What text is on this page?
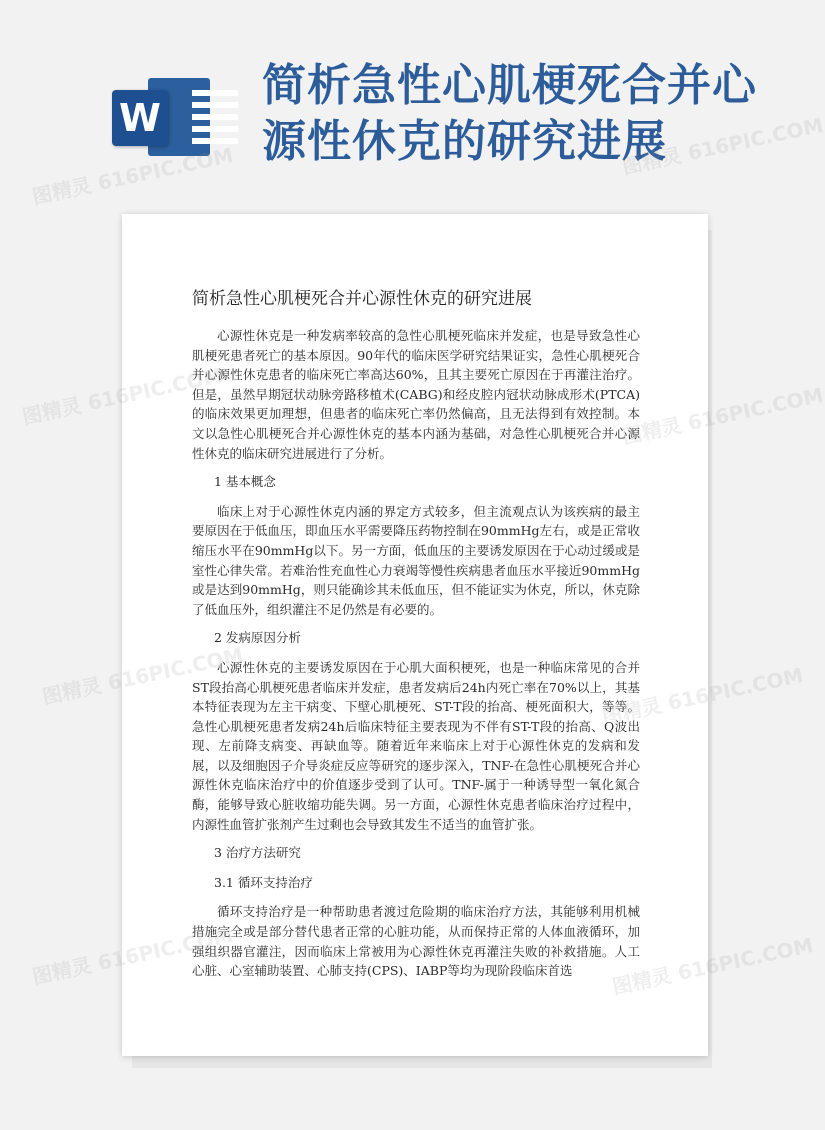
W
简析急性心肌梗死合并心源性休克的研究进展
简析急性心肌梗死合并心源性休克的研究进展

心源性休克是一种发病率较高的急性心肌梗死临床并发症，也是导致急性心肌梗死患者死亡的基本原因。90年代的临床医学研究结果证实，急性心肌梗死合并心源性休克患者的临床死亡率高达60%，且其主要死亡原因在于再灌注治疗。但是，虽然早期冠状动脉旁路移植术(CABG)和经皮腔内冠状动脉成形术(PTCA)的临床效果更加理想，但患者的临床死亡率仍然偏高，且无法得到有效控制。本文以急性心肌梗死合并心源性休克的基本内涵为基础，对急性心肌梗死合并心源性休克的临床研究进展进行了分析。

1 基本概念

临床上对于心源性休克内涵的界定方式较多，但主流观点认为该疾病的最主要原因在于低血压，即血压水平需要降压药物控制在90mmHg左右，或是正常收缩压水平在90mmHg以下。另一方面，低血压的主要诱发原因在于心动过缓或是室性心律失常。若难治性充血性心力衰竭等慢性疾病患者血压水平接近90mmHg或是达到90mmHg，则只能确诊其未低血压，但不能证实为休克，所以，休克除了低血压外，组织灌注不足仍然是有必要的。

2 发病原因分析

心源性休克的主要诱发原因在于心肌大面积梗死，也是一种临床常见的合并ST段抬高心肌梗死患者临床并发症，患者发病后24h内死亡率在70%以上，其基本特征表现为左主干病变、下壁心肌梗死、ST-T段的抬高、梗死面积大，等等。急性心肌梗死患者发病24h后临床特征主要表现为不伴有ST-T段的抬高、Q波出现、左前降支病变、再缺血等。随着近年来临床上对于心源性休克的发病和发展，以及细胞因子介导炎症反应等研究的逐步深入，TNF-在急性心肌梗死合并心源性休克临床治疗中的价值逐步受到了认可。TNF-属于一种诱导型一氧化氮合酶，能够导致心脏收缩功能失调。另一方面，心源性休克患者临床治疗过程中，内源性血管扩张剂产生过剩也会导致其发生不适当的血管扩张。

3 治疗方法研究

3.1 循环支持治疗

循环支持治疗是一种帮助患者渡过危险期的临床治疗方法，其能够利用机械措施完全或是部分替代患者正常的心脏功能，从而保持正常的人体血液循环，加强组织器官灌注，因而临床上常被用为心源性休克再灌注失败的补救措施。人工心脏、心室辅助装置、心肺支持(CPS)、IABP等均为现阶段临床首选

图精灵 616PIC.COM
图精灵 616PIC.COM
图精灵	图精灵 616PIC.COM
图精灵	616PIC.COM
图精灵	图精灵 616PIC.COM
